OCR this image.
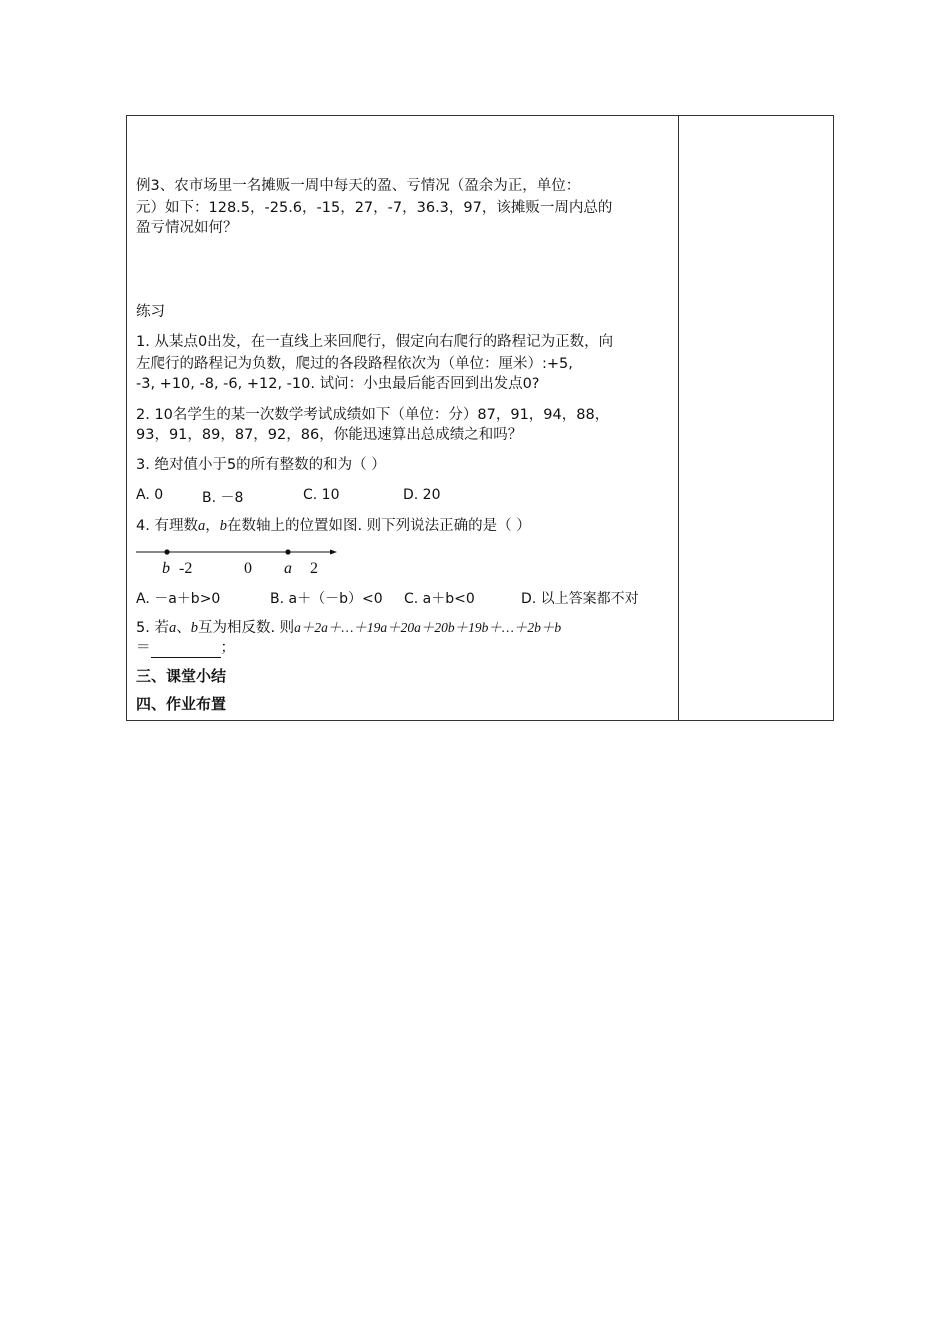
例3、农市场里一名摊贩一周中每天的盈、亏情况（盈余为正，单位：
元）如下：128.5，-25.6，-15，27，-7，36.3，97，该摊贩一周内总的
盈亏情况如何？
练习
1. 从某点0出发，在一直线上来回爬行，假定向右爬行的路程记为正数，向
左爬行的路程记为负数，爬过的各段路程依次为（单位：厘米）:+5,
-3, +10, -8, -6, +12, -10. 试问：小虫最后能否回到出发点0?
2. 10名学生的某一次数学考试成绩如下（单位：分）87，91，94，88，
93，91，89，87，92，86，你能迅速算出总成绩之和吗？
3. 绝对值小于5的所有整数的和为（ ）
A. 0	B. －8	C. 10	D. 20
4. 有理数a，b在数轴上的位置如图. 则下列说法正确的是（ ）
b -2	0 a 2
A. －a＋b>0	B. a＋（－b）<0 C. a＋b<0	D. 以上答案都不对
5. 若a、b互为相反数. 则a＋2a＋…＋19a＋20a＋20b＋19b＋…＋2b＋b
＝	；
三、课堂小结
四、作业布置
